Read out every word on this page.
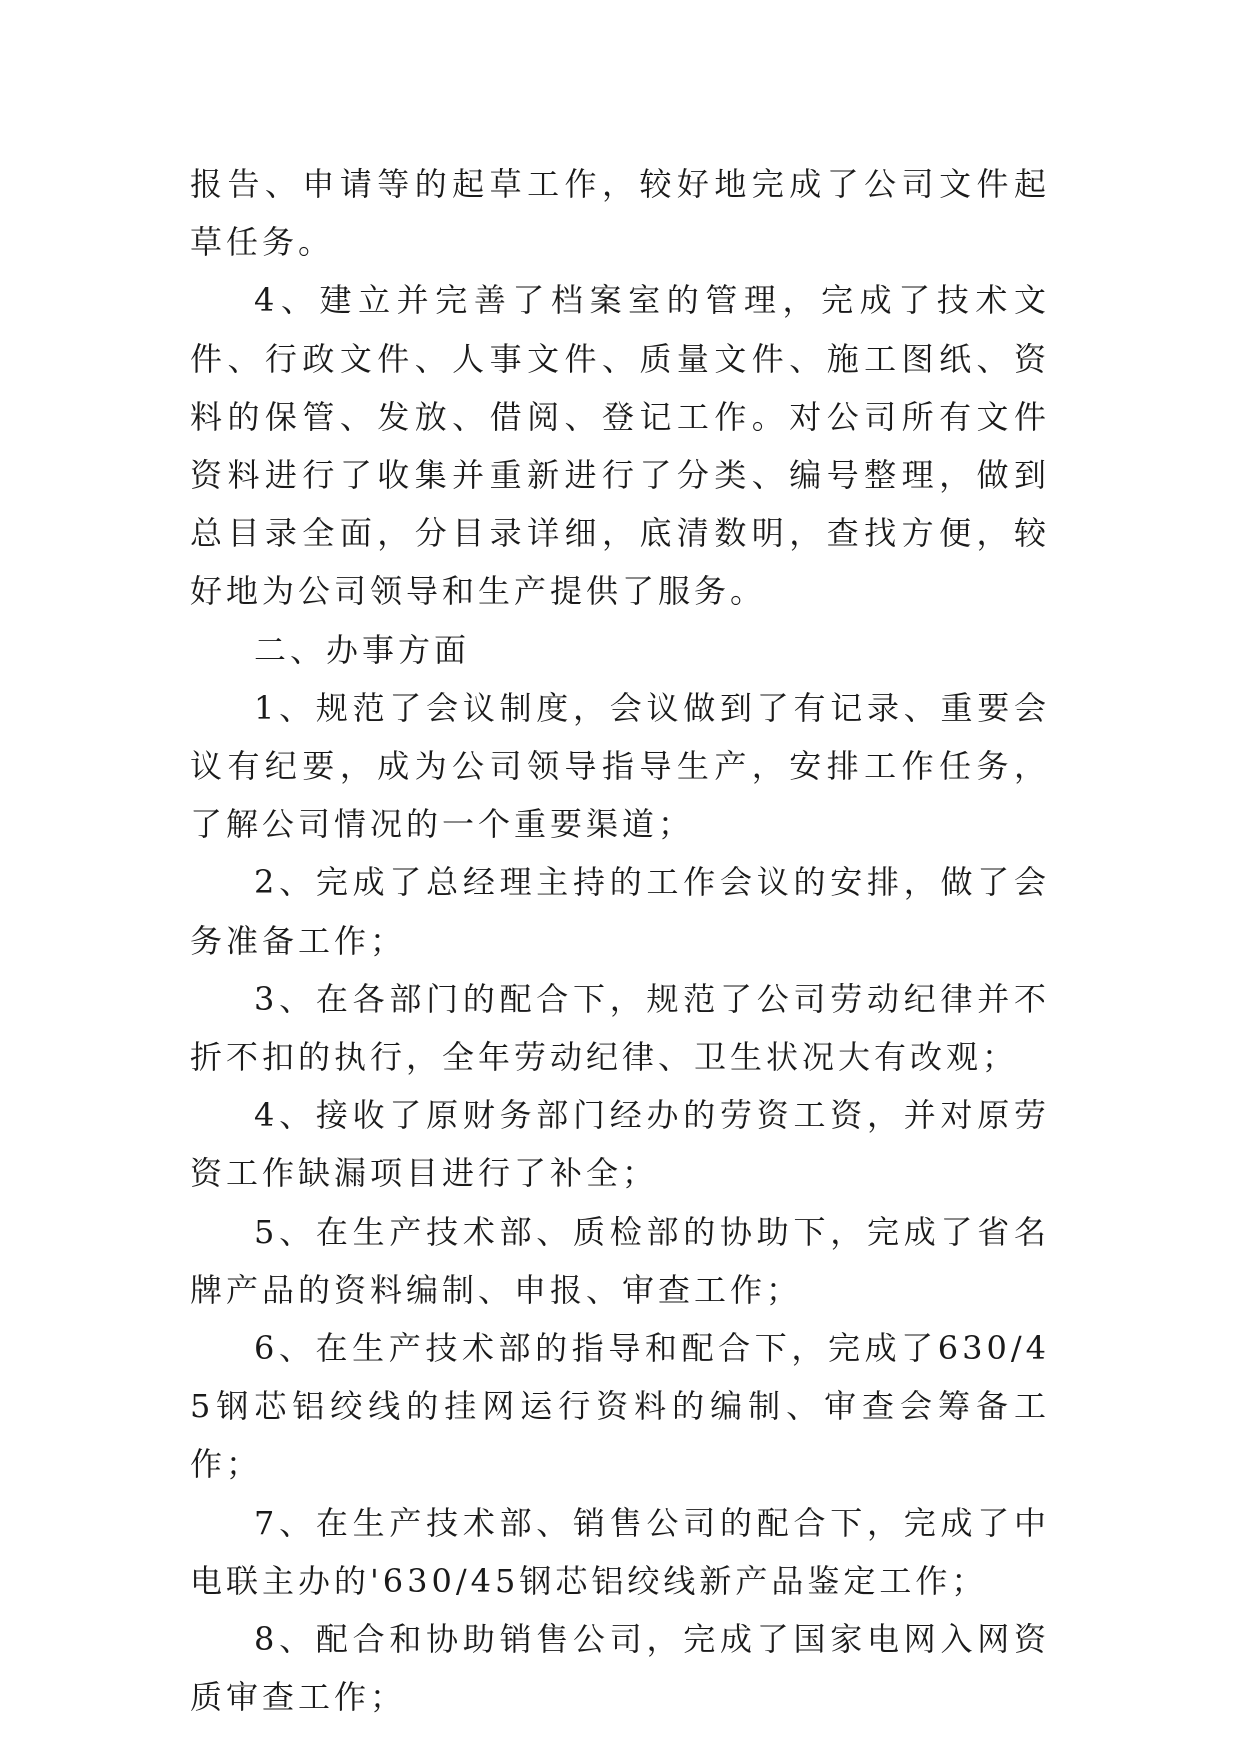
报告、申请等的起草工作，较好地完成了公司文件起草任务。

4、建立并完善了档案室的管理，完成了技术文件、行政文件、人事文件、质量文件、施工图纸、资料的保管、发放、借阅、登记工作。对公司所有文件资料进行了收集并重新进行了分类、编号整理，做到总目录全面，分目录详细，底清数明，查找方便，较好地为公司领导和生产提供了服务。

二、办事方面

1、规范了会议制度，会议做到了有记录、重要会议有纪要，成为公司领导指导生产，安排工作任务，了解公司情况的一个重要渠道；

2、完成了总经理主持的工作会议的安排，做了会务准备工作；

3、在各部门的配合下，规范了公司劳动纪律并不折不扣的执行，全年劳动纪律、卫生状况大有改观；

4、接收了原财务部门经办的劳资工资，并对原劳资工作缺漏项目进行了补全；

5、在生产技术部、质检部的协助下，完成了省名牌产品的资料编制、申报、审查工作；

6、在生产技术部的指导和配合下，完成了630/45钢芯铝绞线的挂网运行资料的编制、审查会筹备工作；

7、在生产技术部、销售公司的配合下，完成了中电联主办的'630/45钢芯铝绞线新产品鉴定工作；

8、配合和协助销售公司，完成了国家电网入网资质审查工作；
